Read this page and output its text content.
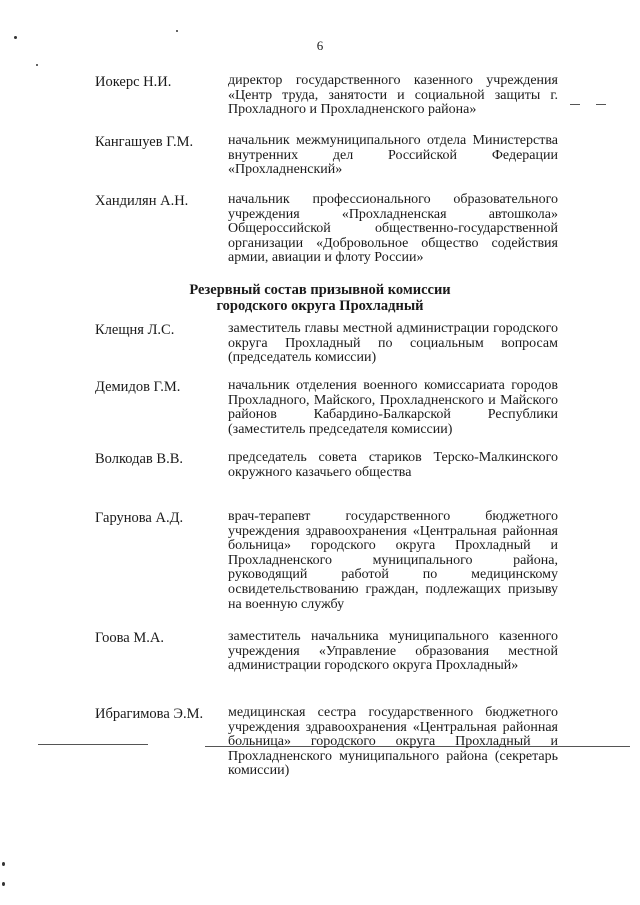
6
Иокерс Н.И.	директор государственного казенного учреждения «Центр труда, занятости и социальной защиты г. Прохладного и Прохладненского района»
Кангашуев Г.М. начальник межмуниципального отдела Министерства внутренних дел Российской Федерации «Прохладненский»
Хандилян А.Н.	начальник профессионального образовательного учреждения «Прохладненская автошкола» Общероссийской общественно-государственной организации «Добровольное общество содействия армии, авиации и флоту России»
Резервный состав призывной комиссии
городского округа Прохладный
Клещня Л.С.	заместитель главы местной администрации городского округа Прохладный по социальным вопросам (председатель комиссии)
Демидов Г.М.	начальник отделения военного комиссариата городов Прохладного, Майского, Прохладненского и Майского районов Кабардино-Балкарской Республики (заместитель председателя комиссии)
Волкодав В.В.	председатель совета стариков Терско-Малкинского окружного казачьего общества
Гарунова А.Д.	врач-терапевт государственного бюджетного учреждения здравоохранения «Центральная районная больница» городского округа Прохладный и Прохладненского муниципального района, руководящий работой по медицинскому освидетельствованию граждан, подлежащих призыву на военную службу
Гоова М.А.	заместитель начальника муниципального казенного учреждения «Управление образования местной администрации городского округа Прохладный»
Ибрагимова Э.М. медицинская сестра государственного бюджетного учреждения здравоохранения «Центральная районная больница» городского округа Прохладный и Прохладненского муниципального района (секретарь комиссии)
